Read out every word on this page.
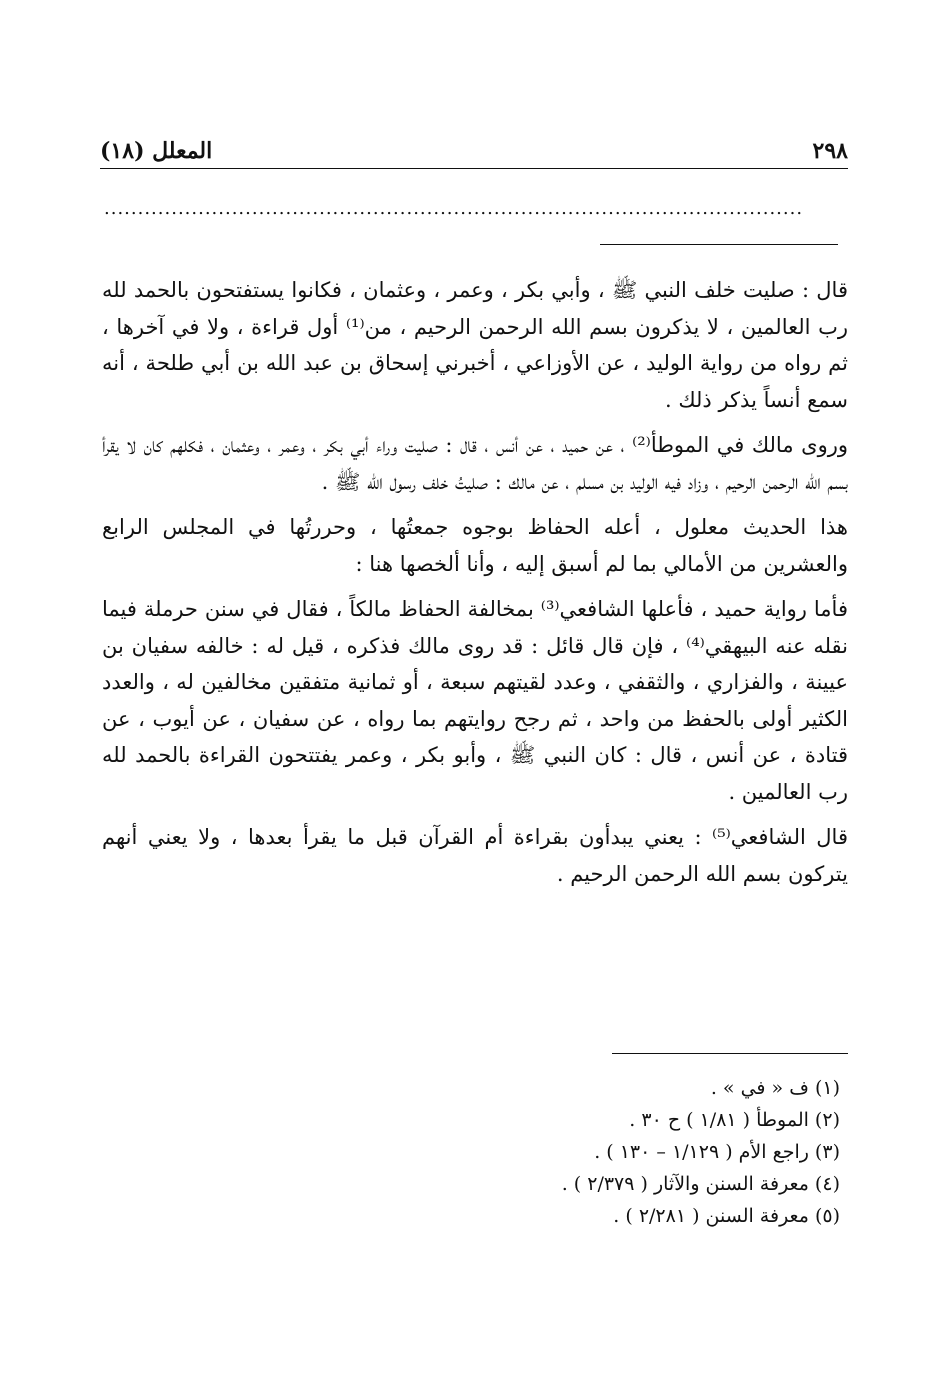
(١٨) المعلل	٢٩٨
........................................................................................................

قال : صليت خلف النبي ﷺ ، وأبي بكر ، وعمر ، وعثمان ، فكانوا يستفتحون بالحمد لله رب العالمين ، لا يذكرون بسم الله الرحمن الرحيم ، من⁽¹⁾ أول قراءة ، ولا في آخرها ، ثم رواه من رواية الوليد ، عن الأوزاعي ، أخبرني إسحاق بن عبد الله بن أبي طلحة ، أنه سمع أنساً يذكر ذلك .

وروى مالك في الموطأ⁽²⁾ ، عن حميد ، عن أنس ، قال : صليت وراء أبي بكر ، وعمر ، وعثمان ، فكلهم كان لا يقرأ بسم الله الرحمن الرحيم ، وزاد فيه الوليد بن مسلم ، عن مالك : صليتُ خلف رسول الله ﷺ .

هذا الحديث معلول ، أعله الحفاظ بوجوه جمعتُها ، وحررتُها في المجلس الرابع والعشرين من الأمالي بما لم أسبق إليه ، وأنا ألخصها هنا :

فأما رواية حميد ، فأعلها الشافعي⁽³⁾ بمخالفة الحفاظ مالكاً ، فقال في سنن حرملة فيما نقله عنه البيهقي⁽⁴⁾ ، فإن قال قائل : قد روى مالك فذكره ، قيل له : خالفه سفيان بن عيينة ، والفزاري ، والثقفي ، وعدد لقيتهم سبعة ، أو ثمانية متفقين مخالفين له ، والعدد الكثير أولى بالحفظ من واحد ، ثم رجح روايتهم بما رواه ، عن سفيان ، عن أيوب ، عن قتادة ، عن أنس ، قال : كان النبي ﷺ ، وأبو بكر ، وعمر يفتتحون القراءة بالحمد لله رب العالمين .

قال الشافعي⁽⁵⁾ : يعني يبدأون بقراءة أم القرآن قبل ما يقرأ بعدها ، ولا يعني أنهم يتركون بسم الله الرحمن الرحيم .

(١) ف « في » .
(٢) الموطأ ( ١/٨١ ) ح ٣٠ .
(٣) راجع الأم ( ١/١٢٩ – ١٣٠ ) .
(٤) معرفة السنن والآثار ( ٢/٣٧٩ ) .
(٥) معرفة السنن ( ٢/٢٨١ ) .
